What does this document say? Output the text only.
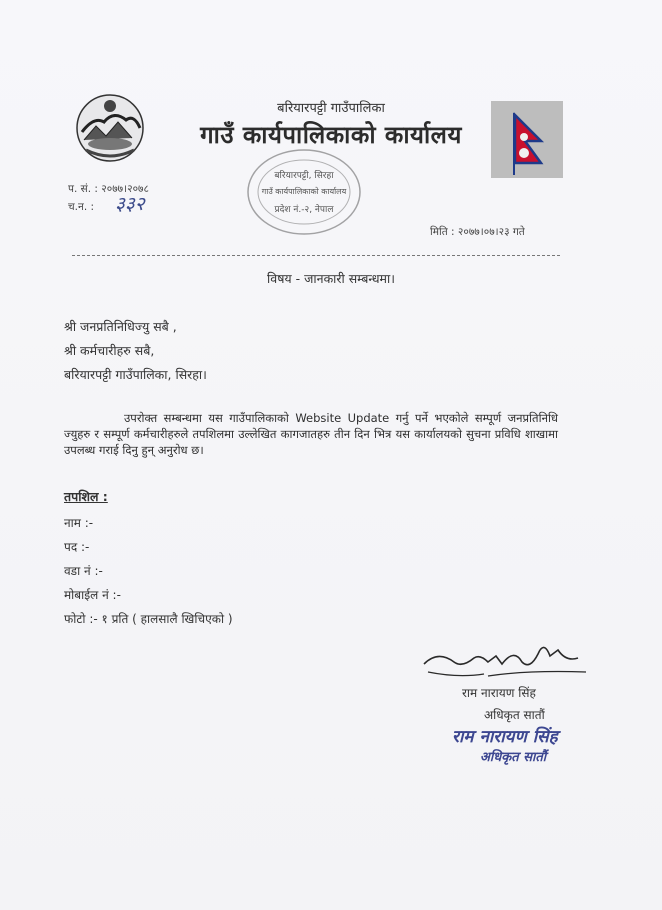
बरियारपट्टी गाउँपालिका
गाउँ कार्यपालिकाको कार्यालय
प. सं. : २०७७।२०७८
च.न. : ३३२
बरियारपट्टी, सिरहा
गाउँ कार्यपालिकाको कार्यालय
प्रदेश नं.-२, नेपाल
मिति : २०७७।०७।२३ गते
विषय - जानकारी सम्बन्धमा।
श्री जनप्रतिनिधिज्यु सबै ,
श्री कर्मचारीहरु सबै,
बरियारपट्टी गाउँपालिका, सिरहा।
उपरोक्त सम्बन्धमा यस गाउँपालिकाको Website Update गर्नु पर्ने भएकोले सम्पूर्ण जनप्रतिनिधि ज्युहरु र सम्पूर्ण कर्मचारीहरुले तपशिलमा उल्लेखित कागजातहरु तीन दिन भित्र यस कार्यालयको सुचना प्रविधि शाखामा उपलब्ध गराई दिनु हुन् अनुरोध छ।
तपशिल :
नाम :-
पद :-
वडा नं :-
मोबाईल नं :-
फोटो :- १ प्रति ( हालसालै खिचिएको )
राम नारायण सिंह
अधिकृत सातौं
राम नारायण सिंह
अधिकृत सातौं
